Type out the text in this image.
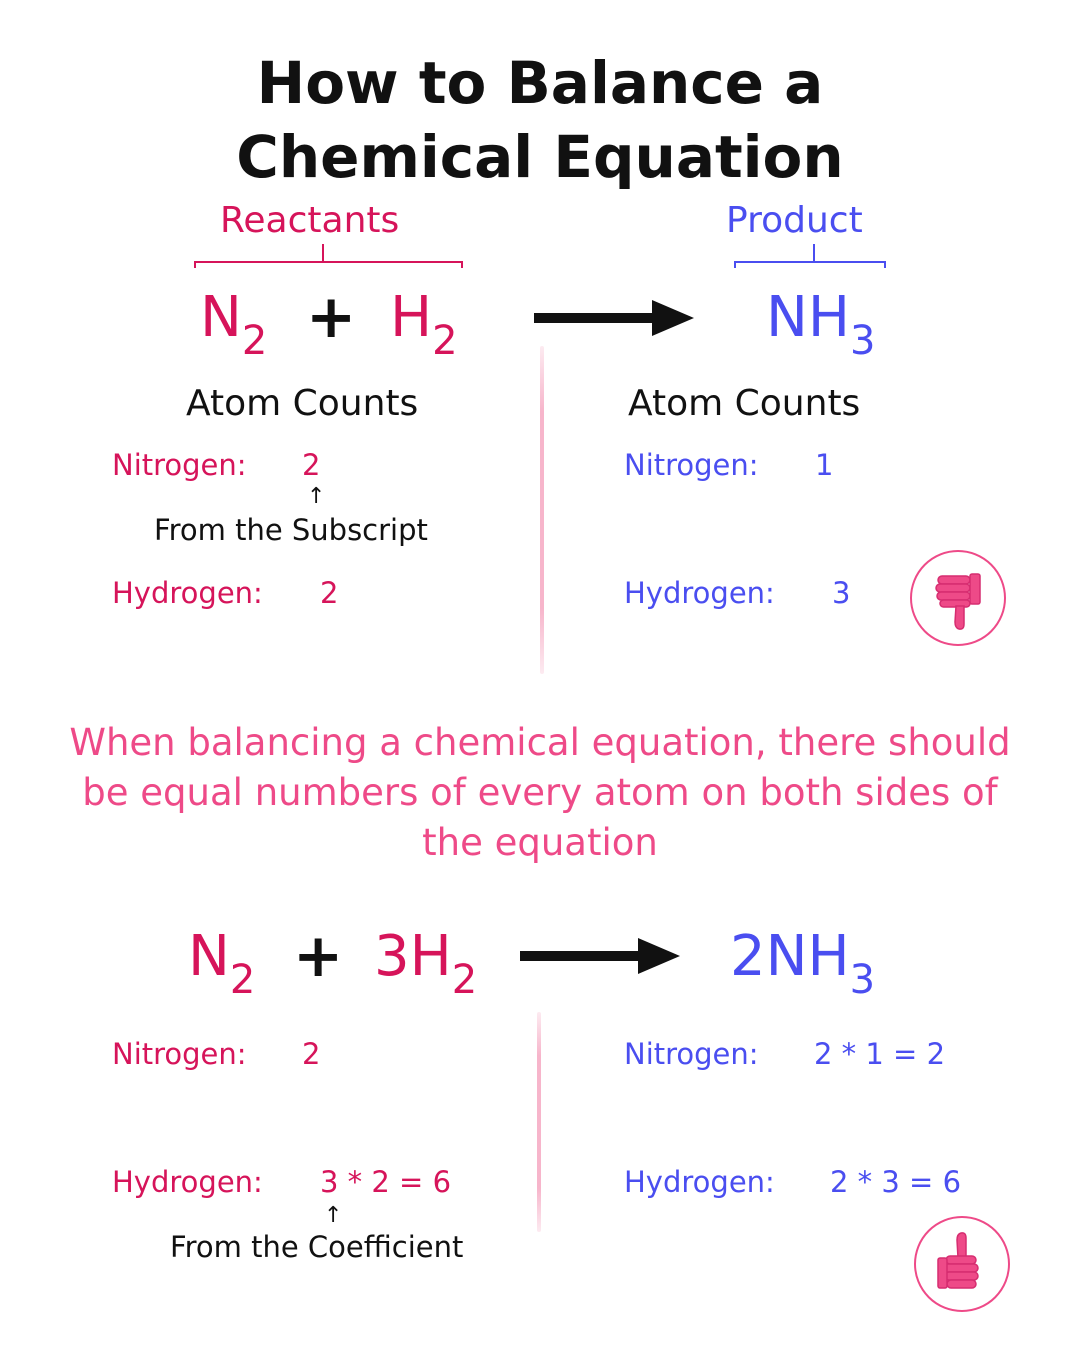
How to Balance a
Chemical Equation
Reactants	Product
$N_2 + H_2$	$NH_3$
Atom Counts	Atom Counts
Nitrogen: 2
↑
From the Subscript
Hydrogen: 2
Nitrogen: 1
Hydrogen: 3
When balancing a chemical equation, there should be equal numbers of every atom on both sides of the equation
$N_2 + 3H_2$	$2NH_3$
Nitrogen: 2
Hydrogen: 3 * 2 = 6
↑
From the Coefficient
Nitrogen: 2 * 1 = 2
Hydrogen: 2 * 3 = 6
